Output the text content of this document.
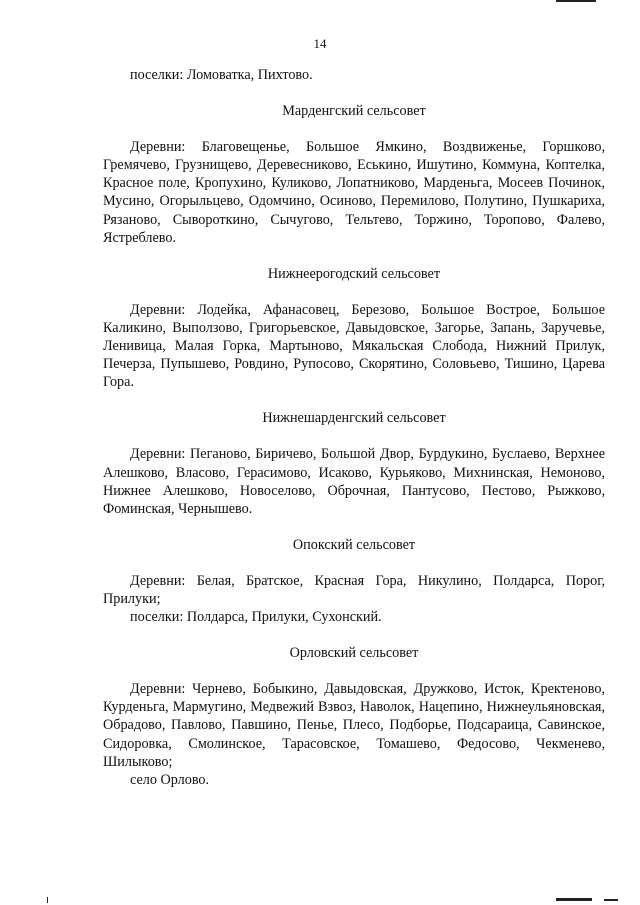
14

поселки: Ломоватка, Пихтово.

Марденгский сельсовет

Деревни: Благовещенье, Большое Ямкино, Воздвиженье, Горшково, Гремячево, Грузнищево, Деревесниково, Еськино, Ишутино, Коммуна, Коптелка, Красное поле, Кропухино, Куликово, Лопатниково, Марденьга, Мосеев Починок, Мусино, Огорыльцево, Одомчино, Осиново, Перемилово, Полутино, Пушкариха, Рязаново, Сывороткино, Сычугово, Тельтево, Торжино, Торопово, Фалево, Ястреблево.

Нижнеерогодский сельсовет

Деревни: Лодейка, Афанасовец, Березово, Большое Вострое, Большое Каликино, Выползово, Григорьевское, Давыдовское, Загорье, Запань, Заручевье, Ленивица, Малая Горка, Мартыново, Мякальская Слобода, Нижний Прилук, Печерза, Пупышево, Ровдино, Рупосово, Скорятино, Соловьево, Тишино, Царева Гора.

Нижнешарденгский сельсовет

Деревни: Пеганово, Биричево, Большой Двор, Бурдукино, Буслаево, Верхнее Алешково, Власово, Герасимово, Исаково, Курьяково, Михнинская, Немоново, Нижнее Алешково, Новоселово, Оброчная, Пантусово, Пестово, Рыжково, Фоминская, Чернышево.

Опокский сельсовет

Деревни: Белая, Братское, Красная Гора, Никулино, Полдарса, Порог, Прилуки;

поселки: Полдарса, Прилуки, Сухонский.

Орловский сельсовет

Деревни: Чернево, Бобыкино, Давыдовская, Дружково, Исток, Кректеново, Курденьга, Мармугино, Медвежий Взвоз, Наволок, Нацепино, Нижнеульяновская, Обрадово, Павлово, Павшино, Пенье, Плесо, Подборье, Подсараица, Савинское, Сидоровка, Смолинское, Тарасовское, Томашево, Федосово, Чекменево, Шилыково;

село Орлово.
